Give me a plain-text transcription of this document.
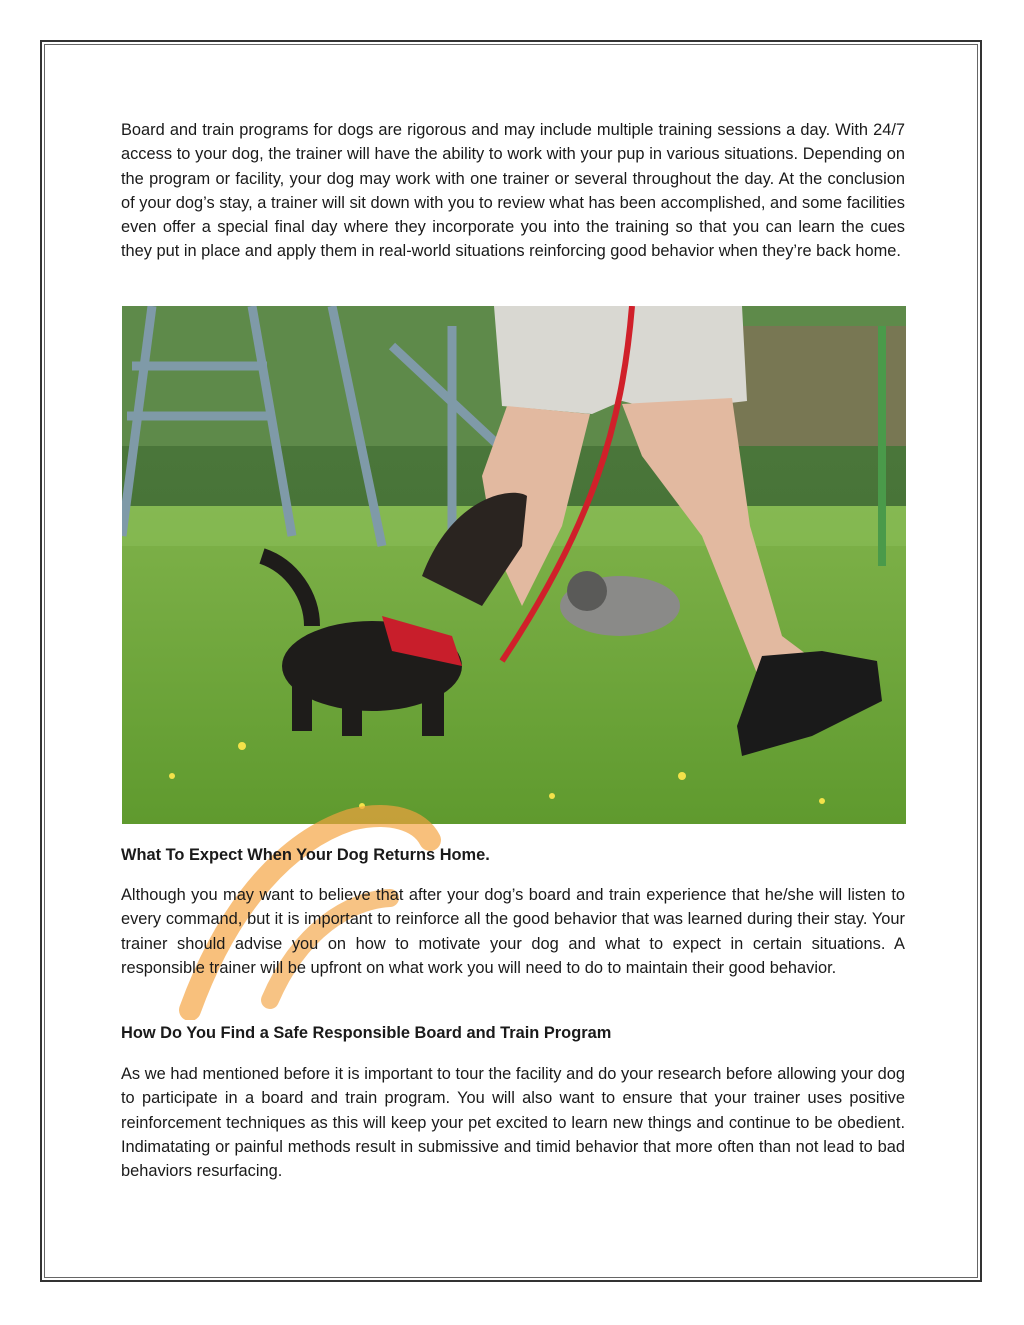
Board and train programs for dogs are rigorous and may include multiple training sessions a day. With 24/7 access to your dog, the trainer will have the ability to work with your pup in various situations. Depending on the program or facility, your dog may work with one trainer or several throughout the day. At the conclusion of your dog’s stay, a trainer will sit down with you to review what has been accomplished, and some facilities even offer a special final day where they incorporate you into the training so that you can learn the cues they put in place and apply them in real-world situations reinforcing good behavior when they’re back home.

What To Expect When Your Dog Returns Home.

Although you may want to believe that after your dog’s board and train experience that he/she will listen to every command, but it is important to reinforce all the good behavior that was learned during their stay. Your trainer should advise you on how to motivate your dog and what to expect in certain situations. A responsible trainer will be upfront on what work you will need to do to maintain their good behavior.

How Do You Find a Safe Responsible Board and Train Program

As we had mentioned before it is important to tour the facility and do your research before allowing your dog to participate in a board and train program. You will also want to ensure that your trainer uses positive reinforcement techniques as this will keep your pet excited to learn new things and continue to be obedient. Indimatating or painful methods result in submissive and timid behavior that more often than not lead to bad behaviors resurfacing.
